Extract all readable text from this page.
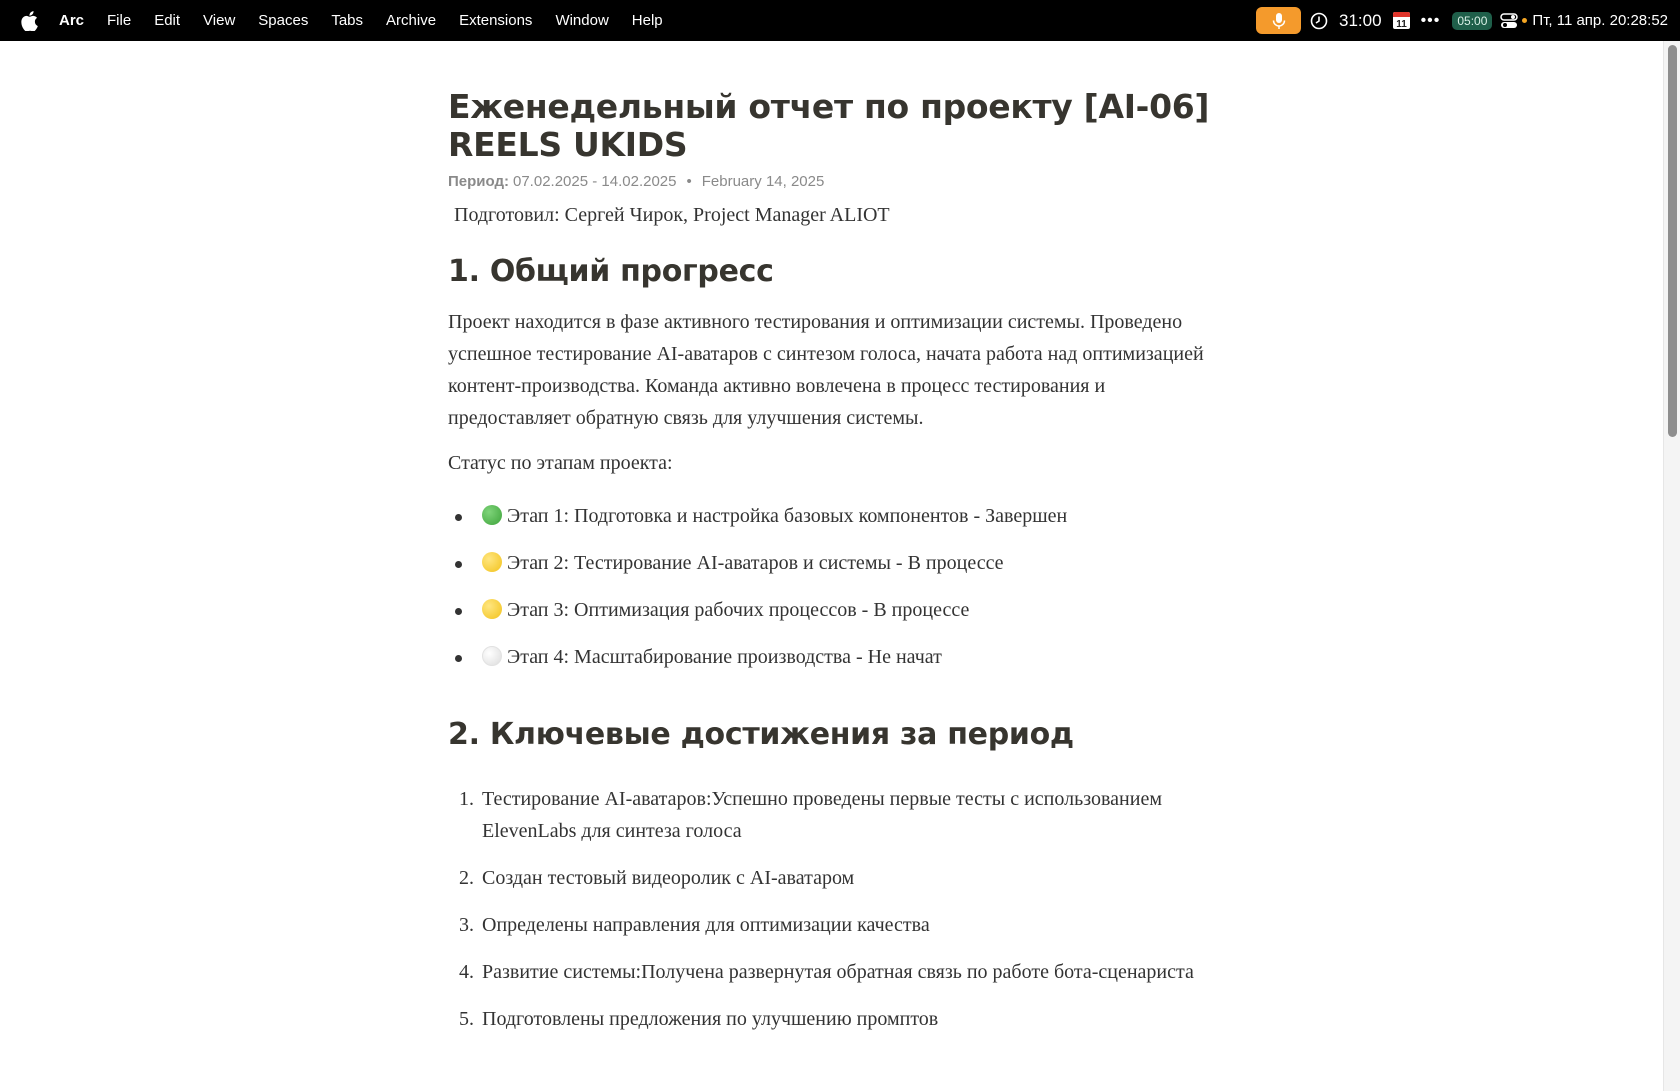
Arc File Edit View Spaces Tabs Archive Extensions Window Help	31:00 11 •••	05:00	Пт, 11 апр. 20:28:52
Еженедельный отчет по проекту [AI-06] REELS UKIDS
Период: 07.02.2025 - 14.02.2025 • February 14, 2025

Подготовил: Сергей Чирок, Project Manager ALIOT

1. Общий прогресс

Проект находится в фазе активного тестирования и оптимизации системы. Проведено успешное тестирование AI-аватаров с синтезом голоса, начата работа над оптимизацией контент-производства. Команда активно вовлечена в процесс тестирования и предоставляет обратную связь для улучшения системы.

Статус по этапам проекта:

Этап 1: Подготовка и настройка базовых компонентов - Завершен
Этап 2: Тестирование AI-аватаров и системы - В процессе
Этап 3: Оптимизация рабочих процессов - В процессе
Этап 4: Масштабирование производства - Не начат
2. Ключевые достижения за период
1. Тестирование AI-аватаров:Успешно проведены первые тесты с использованием ElevenLabs для синтеза голоса
2. Создан тестовый видеоролик с AI-аватаром
3. Определены направления для оптимизации качества
4. Развитие системы:Получена развернутая обратная связь по работе бота-сценариста
5. Подготовлены предложения по улучшению промптов
